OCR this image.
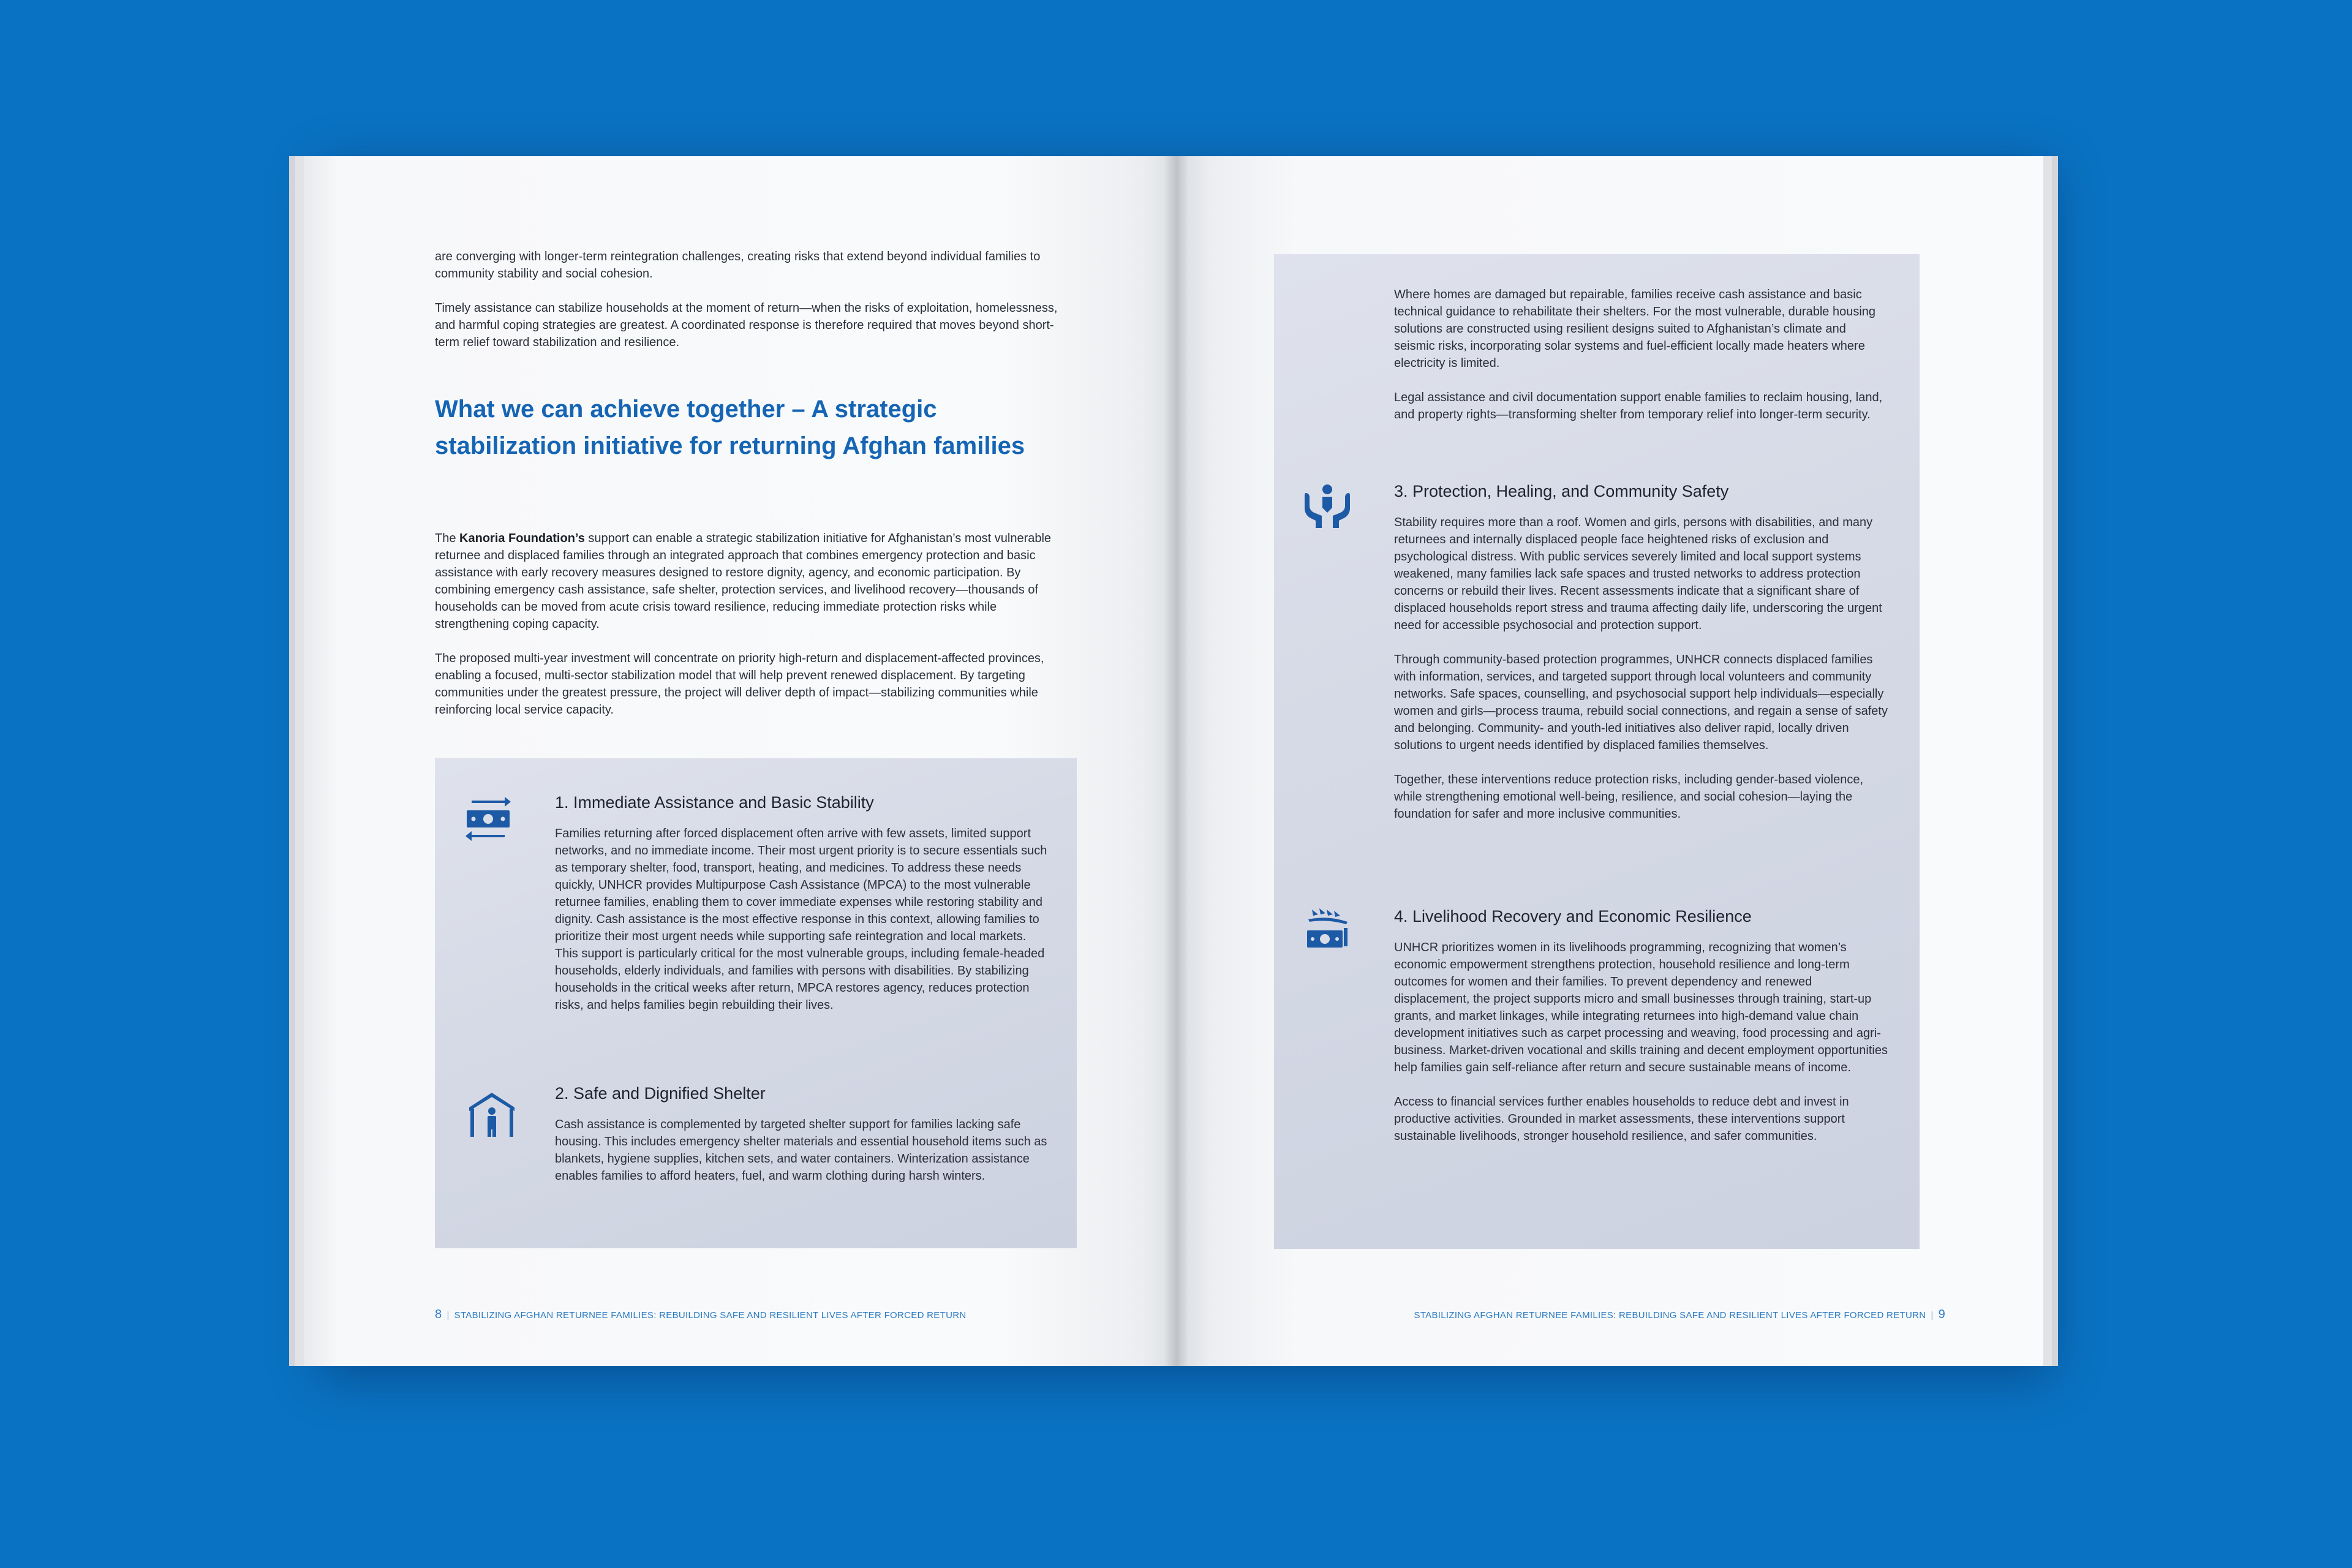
are converging with longer-term reintegration challenges, creating risks that extend beyond individual families to community stability and social cohesion.

Timely assistance can stabilize households at the moment of return—when the risks of exploitation, homelessness, and harmful coping strategies are greatest. A coordinated response is therefore required that moves beyond short-term relief toward stabilization and resilience.

What we can achieve together – A strategic stabilization initiative for returning Afghan families

The Kanoria Foundation’s support can enable a strategic stabilization initiative for Afghanistan’s most vulnerable returnee and displaced families through an integrated approach that combines emergency protection and basic assistance with early recovery measures designed to restore dignity, agency, and economic participation. By combining emergency cash assistance, safe shelter, protection services, and livelihood recovery—thousands of households can be moved from acute crisis toward resilience, reducing immediate protection risks while strengthening coping capacity.

The proposed multi-year investment will concentrate on priority high-return and displacement-affected provinces, enabling a focused, multi-sector stabilization model that will help prevent renewed displacement. By targeting communities under the greatest pressure, the project will deliver depth of impact—stabilizing communities while reinforcing local service capacity.

1. Immediate Assistance and Basic Stability

Families returning after forced displacement often arrive with few assets, limited support networks, and no immediate income. Their most urgent priority is to secure essentials such as temporary shelter, food, transport, heating, and medicines. To address these needs quickly, UNHCR provides Multipurpose Cash Assistance (MPCA) to the most vulnerable returnee families, enabling them to cover immediate expenses while restoring stability and dignity. Cash assistance is the most effective response in this context, allowing families to prioritize their most urgent needs while supporting safe reintegration and local markets. This support is particularly critical for the most vulnerable groups, including female-headed households, elderly individuals, and families with persons with disabilities. By stabilizing households in the critical weeks after return, MPCA restores agency, reduces protection risks, and helps families begin rebuilding their lives.

2. Safe and Dignified Shelter

Cash assistance is complemented by targeted shelter support for families lacking safe housing. This includes emergency shelter materials and essential household items such as blankets, hygiene supplies, kitchen sets, and water containers. Winterization assistance enables families to afford heaters, fuel, and warm clothing during harsh winters.

8 | STABILIZING AFGHAN RETURNEE FAMILIES: REBUILDING SAFE AND RESILIENT LIVES AFTER FORCED RETURN

Where homes are damaged but repairable, families receive cash assistance and basic technical guidance to rehabilitate their shelters. For the most vulnerable, durable housing solutions are constructed using resilient designs suited to Afghanistan’s climate and seismic risks, incorporating solar systems and fuel-efficient locally made heaters where electricity is limited.

Legal assistance and civil documentation support enable families to reclaim housing, land, and property rights—transforming shelter from temporary relief into longer-term security.

3. Protection, Healing, and Community Safety

Stability requires more than a roof. Women and girls, persons with disabilities, and many returnees and internally displaced people face heightened risks of exclusion and psychological distress. With public services severely limited and local support systems weakened, many families lack safe spaces and trusted networks to address protection concerns or rebuild their lives. Recent assessments indicate that a significant share of displaced households report stress and trauma affecting daily life, underscoring the urgent need for accessible psychosocial and protection support.

Through community-based protection programmes, UNHCR connects displaced families with information, services, and targeted support through local volunteers and community networks. Safe spaces, counselling, and psychosocial support help individuals—especially women and girls—process trauma, rebuild social connections, and regain a sense of safety and belonging. Community- and youth-led initiatives also deliver rapid, locally driven solutions to urgent needs identified by displaced families themselves.

Together, these interventions reduce protection risks, including gender-based violence, while strengthening emotional well-being, resilience, and social cohesion—laying the foundation for safer and more inclusive communities.

4. Livelihood Recovery and Economic Resilience

UNHCR prioritizes women in its livelihoods programming, recognizing that women’s economic empowerment strengthens protection, household resilience and long-term outcomes for women and their families. To prevent dependency and renewed displacement, the project supports micro and small businesses through training, start-up grants, and market linkages, while integrating returnees into high-demand value chain development initiatives such as carpet processing and weaving, food processing and agri-business. Market-driven vocational and skills training and decent employment opportunities help families gain self-reliance after return and secure sustainable means of income.

Access to financial services further enables households to reduce debt and invest in productive activities. Grounded in market assessments, these interventions support sustainable livelihoods, stronger household resilience, and safer communities.

STABILIZING AFGHAN RETURNEE FAMILIES: REBUILDING SAFE AND RESILIENT LIVES AFTER FORCED RETURN | 9
